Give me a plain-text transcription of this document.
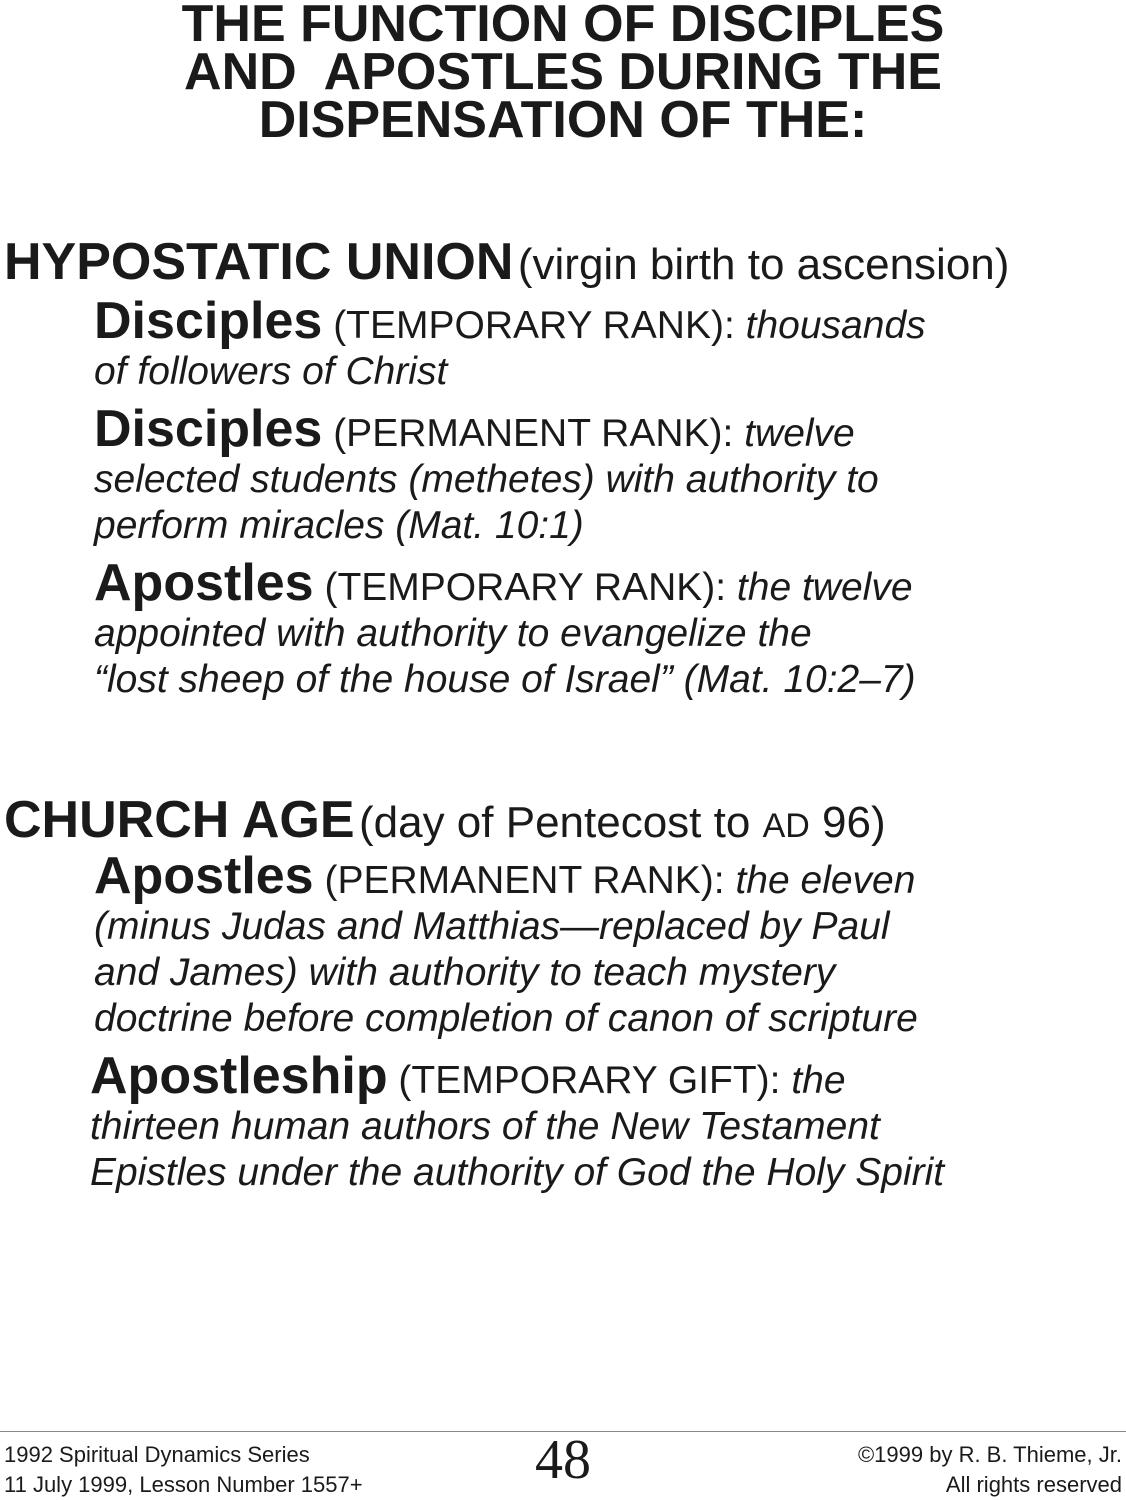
THE FUNCTION OF DISCIPLES
AND  APOSTLES DURING THE
DISPENSATION OF THE:
HYPOSTATIC UNION (virgin birth to ascension)
Disciples (TEMPORARY RANK): thousands
of followers of Christ
Disciples (PERMANENT RANK): twelve
selected students (methetes) with authority to
perform miracles (Mat. 10:1)
Apostles (TEMPORARY RANK): the twelve
appointed with authority to evangelize the
“lost sheep of the house of Israel” (Mat. 10:2–7)
CHURCH AGE (day of Pentecost to AD 96)
Apostles (PERMANENT RANK): the eleven
(minus Judas and Matthias—replaced by Paul
and James) with authority to teach mystery
doctrine before completion of canon of scripture
Apostleship (TEMPORARY GIFT): the
thirteen human authors of the New Testament
Epistles under the authority of God the Holy Spirit
1992 Spiritual Dynamics Series
11 July 1999, Lesson Number 1557+	48	©1999 by R. B. Thieme, Jr.
All rights reserved
